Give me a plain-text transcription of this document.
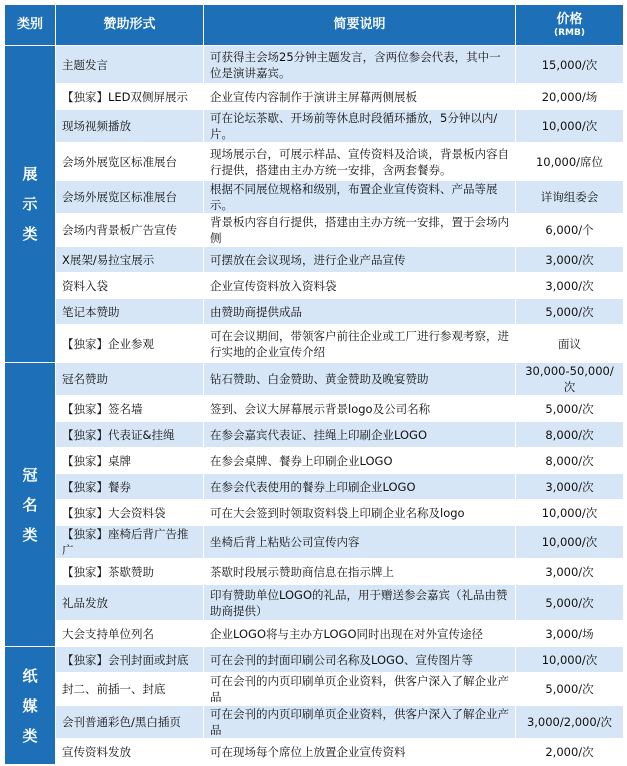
类别	赞助形式	简要说明	价格
(RMB)

展
示
类	主题发言	可获得主会场25分钟主题发言，含两位参会代表，其中一位是演讲嘉宾。	15,000/次
	【独家】LED双侧屏展示	企业宣传内容制作于演讲主屏幕两侧展板	20,000/场
	现场视频播放	可在论坛茶歇、开场前等休息时段循环播放，5分钟以内/片。	10,000/次
	会场外展览区标准展台	现场展示台，可展示样品、宣传资料及洽谈，背景板内容自行提供，搭建由主办方统一安排，含两套餐券。	10,000/席位
	会场外展览区标准展台	根据不同展位规格和级别，布置企业宣传资料、产品等展示。	详询组委会
	会场内背景板广告宣传	背景板内容自行提供，搭建由主办方统一安排，置于会场内侧	6,000/个
	X展架/易拉宝展示	可摆放在会议现场，进行企业产品宣传	3,000/次
	资料入袋	企业宣传资料放入资料袋	3,000/次
	笔记本赞助	由赞助商提供成品	5,000/次
	【独家】企业参观	可在会议期间，带领客户前往企业或工厂进行参观考察，进行实地的企业宣传介绍	面议

冠
名
类	冠名赞助	钻石赞助、白金赞助、黄金赞助及晚宴赞助	30,000-50,000/次
	【独家】签名墙	签到、会议大屏幕展示背景logo及公司名称	5,000/次
	【独家】代表证&挂绳	在参会嘉宾代表证、挂绳上印刷企业LOGO	8,000/次
	【独家】桌牌	在参会桌牌、餐券上印刷企业LOGO	8,000/次
	【独家】餐券	在参会代表使用的餐券上印刷企业LOGO	3,000/次
	【独家】大会资料袋	可在大会签到时领取资料袋上印刷企业名称及logo	10,000/次
	【独家】座椅后背广告推广	坐椅后背上粘贴公司宣传内容	10,000/次
	【独家】茶歇赞助	茶歇时段展示赞助商信息在指示牌上	3,000/次
	礼品发放	印有赞助单位LOGO的礼品，用于赠送参会嘉宾（礼品由赞助商提供）	5,000/次
	大会支持单位列名	企业LOGO将与主办方LOGO同时出现在对外宣传途径	3,000/场

纸
媒
类	【独家】会刊封面或封底	可在会刊的封面印刷公司名称及LOGO、宣传图片等	10,000/次
	封二、前插一、封底	可在会刊的内页印刷单页企业资料，供客户深入了解企业产品	5,000/次
	会刊普通彩色/黑白插页	可在会刊的内页印刷单页企业资料，供客户深入了解企业产品	3,000/2,000/次
	宣传资料发放	可在现场每个席位上放置企业宣传资料	2,000/次
